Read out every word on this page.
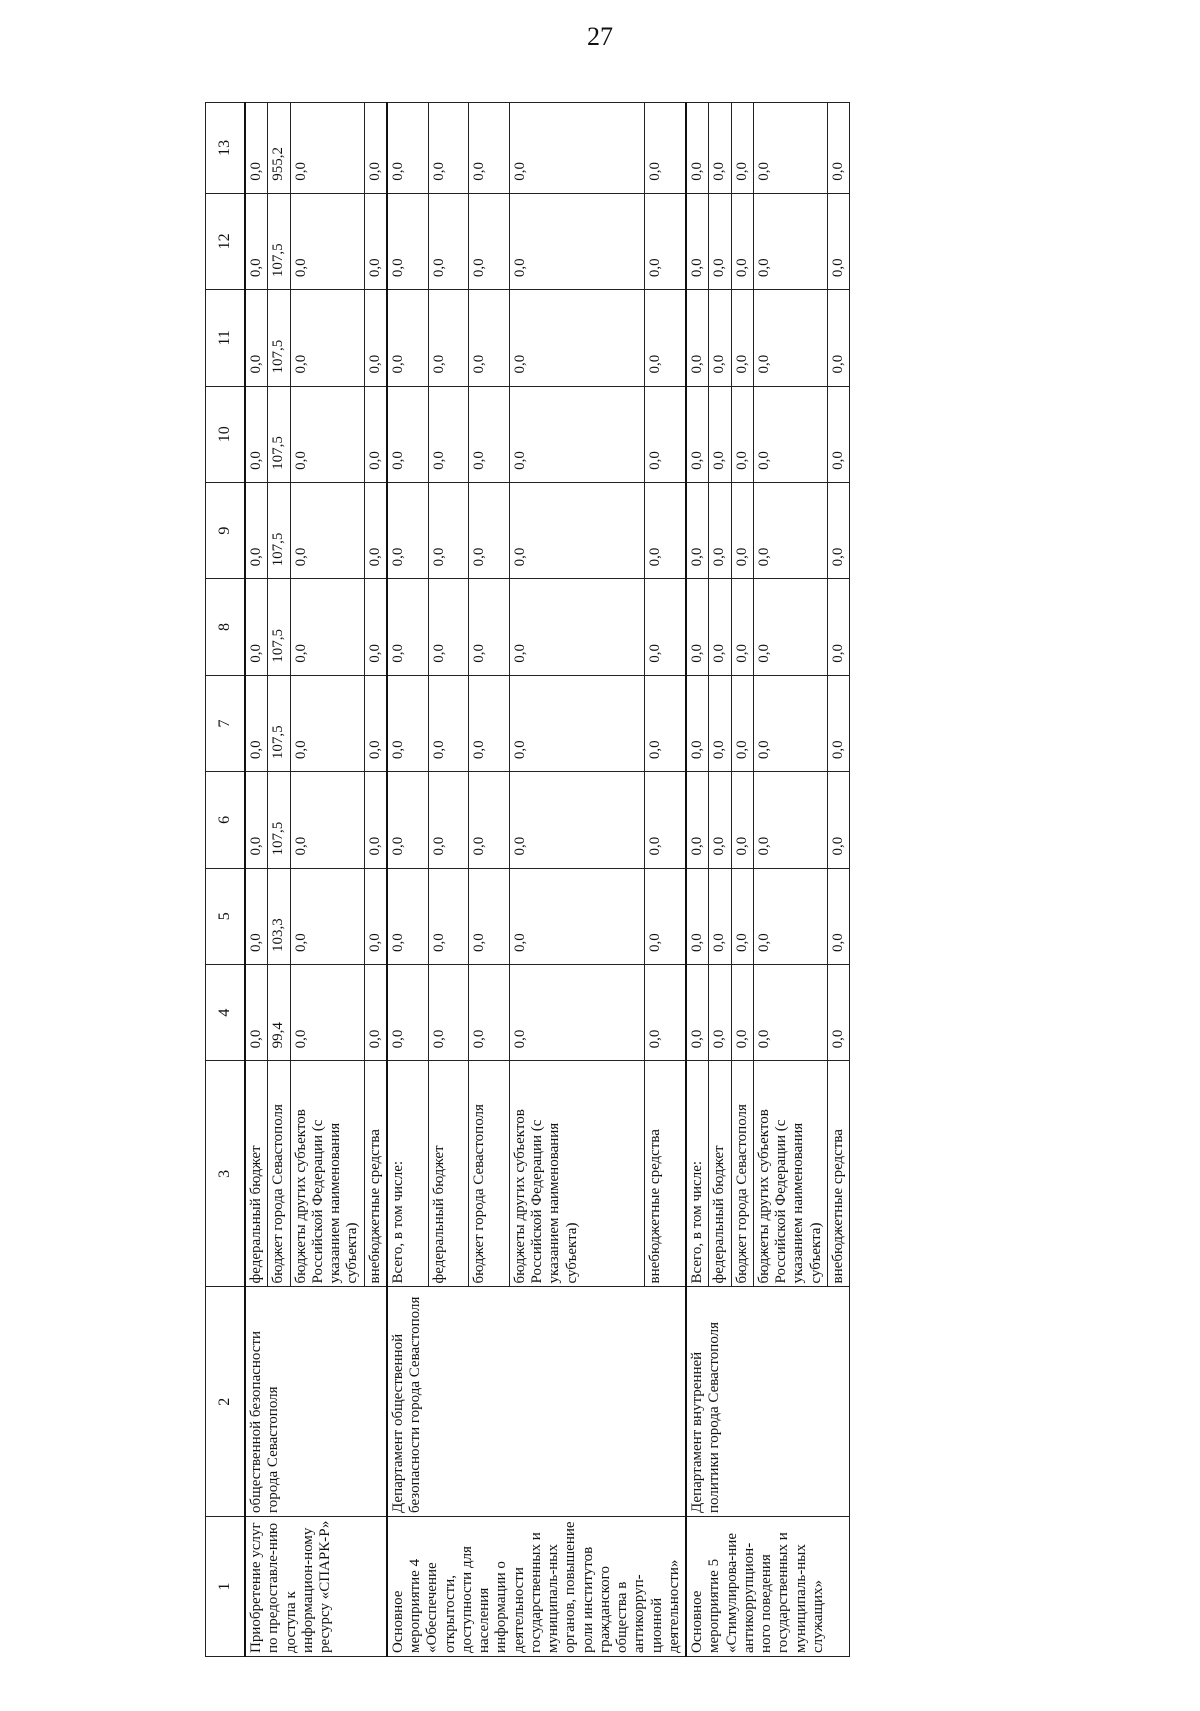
27
1	2	3	4	5	6	7	8	9	10	11	12	13
Приобретение услуг по предоставле-нию доступа к информацион-ному ресурсу «СПАРК-Р»	общественной безопасности города Севастополя	федеральный бюджет	0,0	0,0	0,0	0,0	0,0	0,0	0,0	0,0	0,0	0,0
		бюджет города Севастополя	99,4	103,3	107,5	107,5	107,5	107,5	107,5	107,5	107,5	955,2
		бюджеты других субъектов Российской Федерации (с указанием наименования субъекта)	0,0	0,0	0,0	0,0	0,0	0,0	0,0	0,0	0,0	0,0
		внебюджетные средства	0,0	0,0	0,0	0,0	0,0	0,0	0,0	0,0	0,0	0,0
Основное мероприятие 4 «Обеспечение открытости, доступности для населения информации о деятельности государственных и муниципаль-ных органов, повышение роли институтов гражданского общества в антикорруп-ционной деятельности»	Департамент общественной безопасности города Севастополя	Всего, в том числе:	0,0	0,0	0,0	0,0	0,0	0,0	0,0	0,0	0,0	0,0
		федеральный бюджет	0,0	0,0	0,0	0,0	0,0	0,0	0,0	0,0	0,0	0,0
		бюджет города Севастополя	0,0	0,0	0,0	0,0	0,0	0,0	0,0	0,0	0,0	0,0
		бюджеты других субъектов Российской Федерации (с указанием наименования субъекта)	0,0	0,0	0,0	0,0	0,0	0,0	0,0	0,0	0,0	0,0
		внебюджетные средства	0,0	0,0	0,0	0,0	0,0	0,0	0,0	0,0	0,0	0,0
Основное мероприятие 5 «Стимулирова-ние антикоррупцион-ного поведения государственных и муниципаль-ных служащих»	Департамент внутренней политики города Севастополя	Всего, в том числе:	0,0	0,0	0,0	0,0	0,0	0,0	0,0	0,0	0,0	0,0
		федеральный бюджет	0,0	0,0	0,0	0,0	0,0	0,0	0,0	0,0	0,0	0,0
		бюджет города Севастополя	0,0	0,0	0,0	0,0	0,0	0,0	0,0	0,0	0,0	0,0
		бюджеты других субъектов Российской Федерации (с указанием наименования субъекта)	0,0	0,0	0,0	0,0	0,0	0,0	0,0	0,0	0,0	0,0
		внебюджетные средства	0,0	0,0	0,0	0,0	0,0	0,0	0,0	0,0	0,0	0,0
